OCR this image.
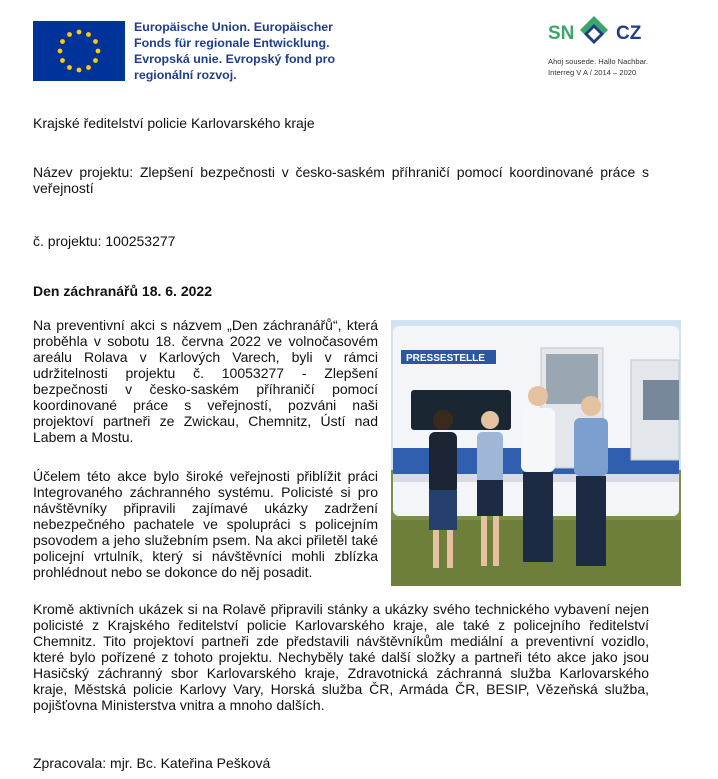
Europäische Union. Europäischer
Fonds für regionale Entwicklung.
Evropská unie. Evropský fond pro
regionální rozvoj.
SN CZ
Ahoj sousede. Hallo Nachbar.
Interreg V A / 2014 – 2020
Krajské ředitelství policie Karlovarského kraje
Název projektu: Zlepšení bezpečnosti v česko-saském příhraničí pomocí koordinované práce s veřejností
č. projektu: 100253277
Den záchranářů 18. 6. 2022
Na preventivní akci s názvem „Den záchranářů“, která proběhla v sobotu 18. června 2022 ve volnočasovém areálu Rolava v Karlových Varech, byli v rámci udržitelnosti projektu č. 10053277 - Zlepšení bezpečnosti v česko-saském příhraničí pomocí koordinované práce s veřejností, pozváni naši projektoví partneři ze Zwickau, Chemnitz, Ústí nad Labem a Mostu.
Účelem této akce bylo široké veřejnosti přiblížit práci Integrovaného záchranného systému. Policisté si pro návštěvníky připravili zajímavé ukázky zadržení nebezpečného pachatele ve spolupráci s policejním psovodem a jeho služebním psem. Na akci přiletěl také policejní vrtulník, který si návštěvníci mohli zblízka prohlédnout nebo se dokonce do něj posadit.
PRESSESTELLE
Kromě aktivních ukázek si na Rolavě připravili stánky a ukázky svého technického vybavení nejen policisté z Krajského ředitelství policie Karlovarského kraje, ale také z policejního ředitelství Chemnitz. Tito projektoví partneři zde představili návštěvníkům mediální a preventivní vozidlo, které bylo pořízené z tohoto projektu. Nechyběly také další složky a partneři této akce jako jsou Hasičský záchranný sbor Karlovarského kraje, Zdravotnická záchranná služba Karlovarského kraje, Městská policie Karlovy Vary, Horská služba ČR, Armáda ČR, BESIP, Vězeňská služba, pojišťovna Ministerstva vnitra a mnoho dalších.
Zpracovala: mjr. Bc. Kateřina Pešková
